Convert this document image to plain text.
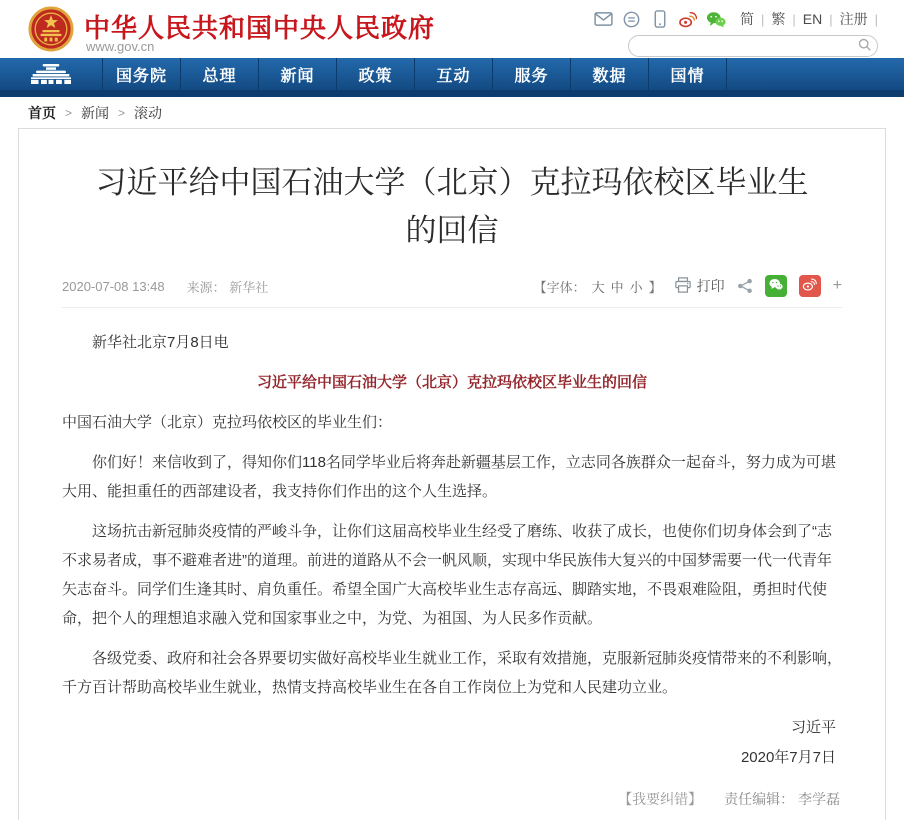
中华人民共和国中央人民政府
www.gov.cn
简 | 繁 | EN | 注册 |
国务院	总理	新闻	政策	互动	服务	数据	国情
首页 > 新闻 > 滚动
习近平给中国石油大学（北京）克拉玛依校区毕业生的回信
2020-07-08 13:48 来源： 新华社	【字体： 大 中 小 】	打印	+

新华社北京7月8日电

习近平给中国石油大学（北京）克拉玛依校区毕业生的回信

中国石油大学（北京）克拉玛依校区的毕业生们：

你们好！来信收到了，得知你们118名同学毕业后将奔赴新疆基层工作，立志同各族群众一起奋斗，努力成为可堪大用、能担重任的西部建设者，我支持你们作出的这个人生选择。

这场抗击新冠肺炎疫情的严峻斗争，让你们这届高校毕业生经受了磨练、收获了成长，也使你们切身体会到了“志不求易者成，事不避难者进”的道理。前进的道路从不会一帆风顺，实现中华民族伟大复兴的中国梦需要一代一代青年矢志奋斗。同学们生逢其时、肩负重任。希望全国广大高校毕业生志存高远、脚踏实地，不畏艰难险阻，勇担时代使命，把个人的理想追求融入党和国家事业之中，为党、为祖国、为人民多作贡献。

各级党委、政府和社会各界要切实做好高校毕业生就业工作，采取有效措施，克服新冠肺炎疫情带来的不利影响，千方百计帮助高校毕业生就业，热情支持高校毕业生在各自工作岗位上为党和人民建功立业。

习近平
2020年7月7日
【我要纠错】 责任编辑： 李学磊
